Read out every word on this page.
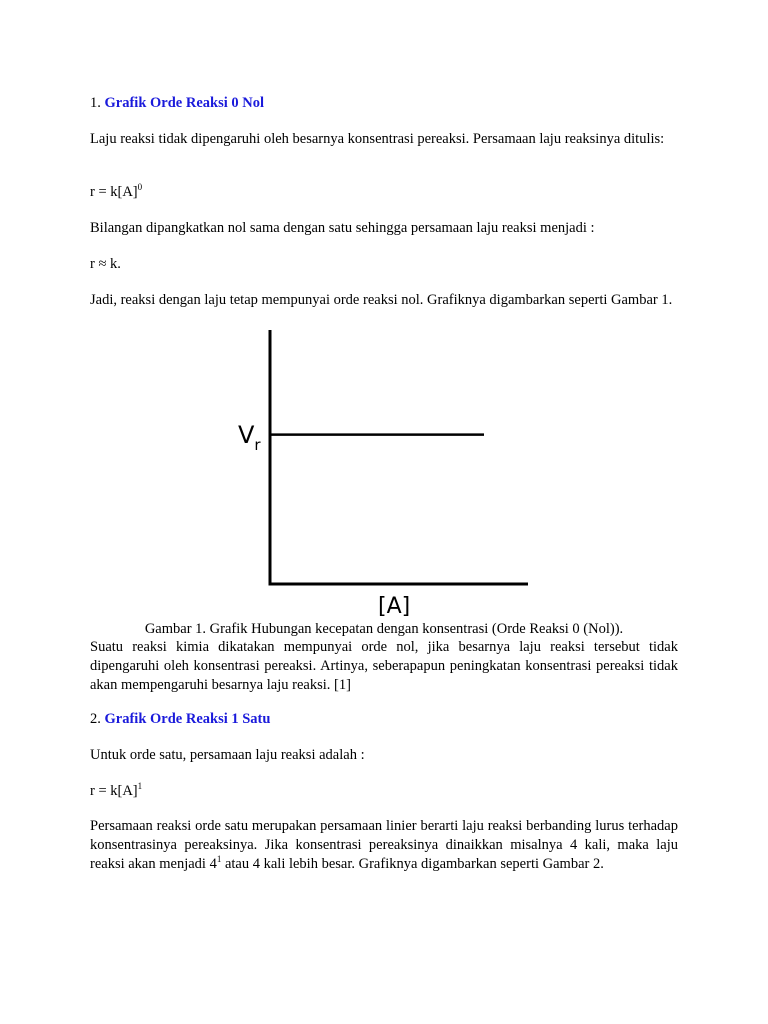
1. Grafik Orde Reaksi 0 Nol

Laju reaksi tidak dipengaruhi oleh besarnya konsentrasi pereaksi. Persamaan laju reaksinya ditulis:

$r = k[A]^0$

Bilangan dipangkatkan nol sama dengan satu sehingga persamaan laju reaksi menjadi :

r ≈ k.

Jadi, reaksi dengan laju tetap mempunyai orde reaksi nol. Grafiknya digambarkan seperti Gambar 1.

$V_r$
[A]

Gambar 1. Grafik Hubungan kecepatan dengan konsentrasi (Orde Reaksi 0 (Nol)).

Suatu reaksi kimia dikatakan mempunyai orde nol, jika besarnya laju reaksi tersebut tidak dipengaruhi oleh konsentrasi pereaksi. Artinya, seberapapun peningkatan konsentrasi pereaksi tidak akan mempengaruhi besarnya laju reaksi. [1]

2. Grafik Orde Reaksi 1 Satu

Untuk orde satu, persamaan laju reaksi adalah :

$r = k[A]^1$

Persamaan reaksi orde satu merupakan persamaan linier berarti laju reaksi berbanding lurus terhadap konsentrasinya pereaksinya. Jika konsentrasi pereaksinya dinaikkan misalnya 4 kali, maka laju reaksi akan menjadi $4^1$ atau 4 kali lebih besar. Grafiknya digambarkan seperti Gambar 2.
